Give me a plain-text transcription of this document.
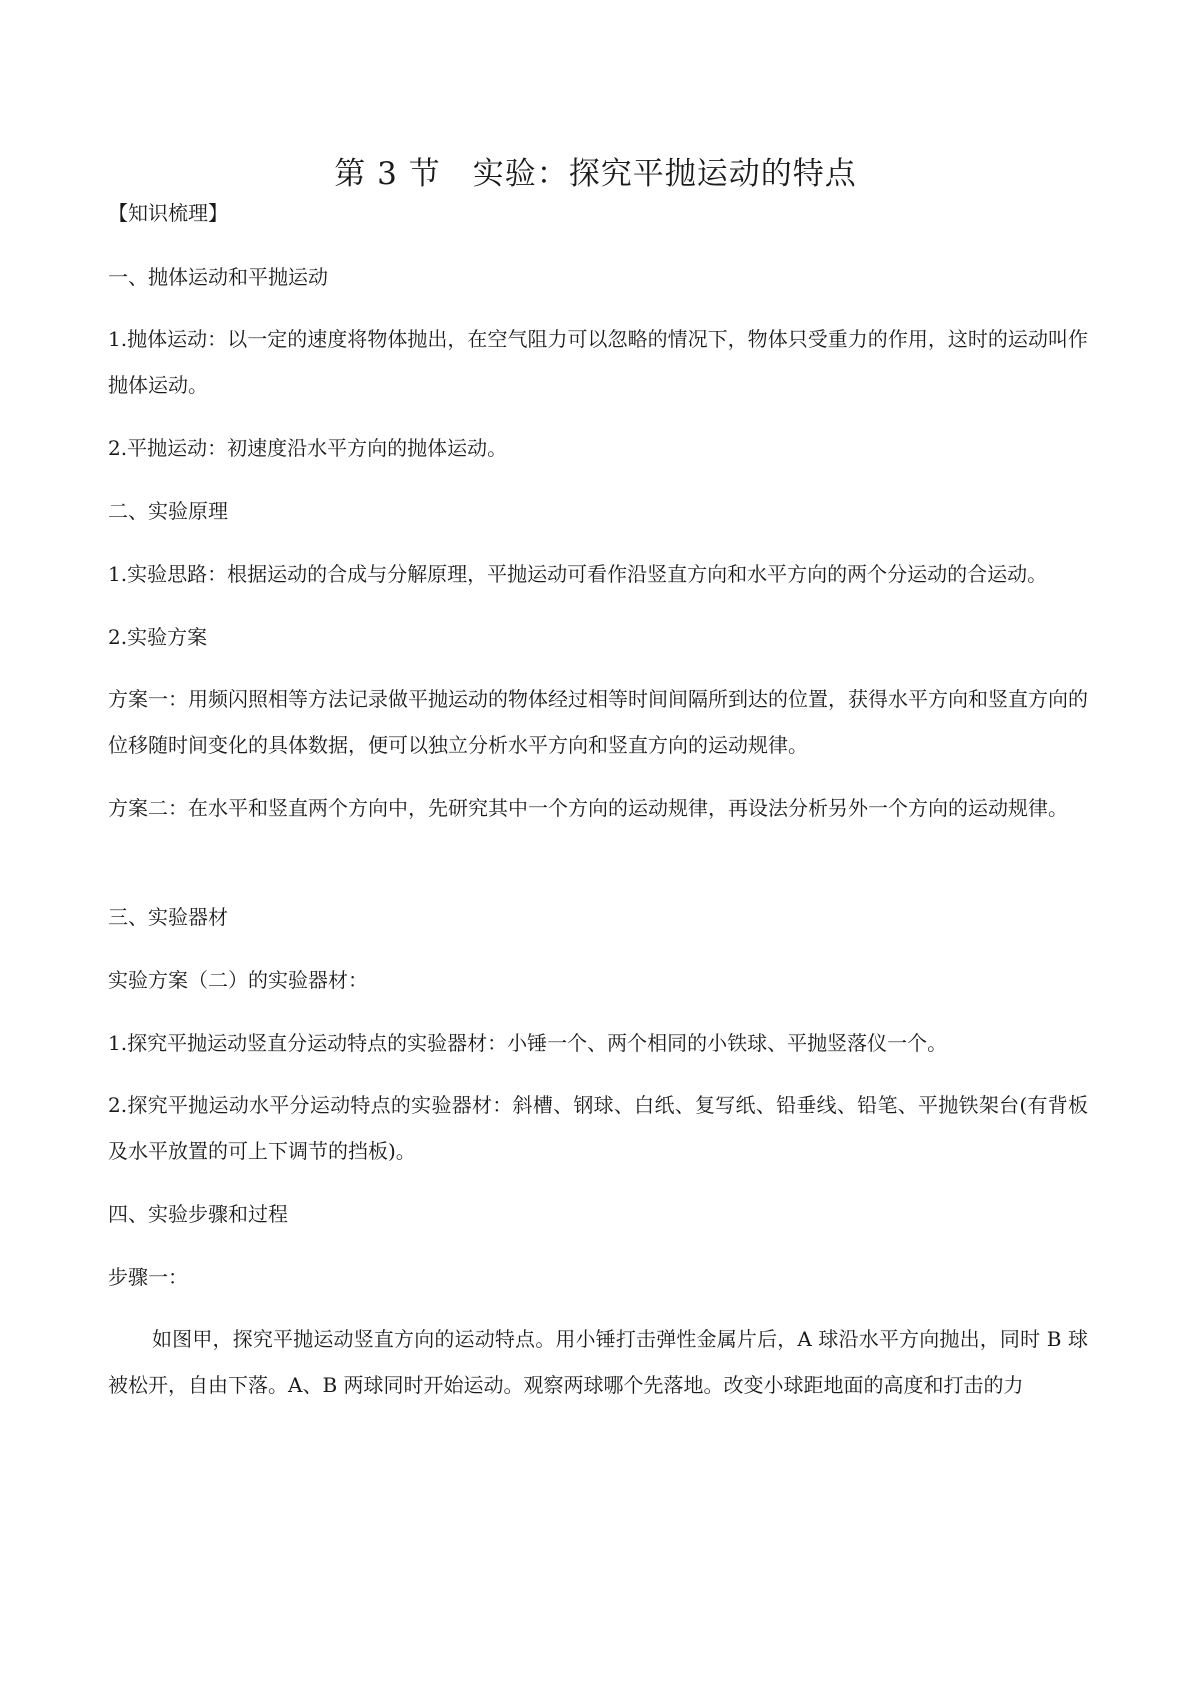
第 3 节　实验：探究平抛运动的特点
【知识梳理】
一、抛体运动和平抛运动
1.抛体运动：以一定的速度将物体抛出，在空气阻力可以忽略的情况下，物体只受重力的作用，这时的运动叫作抛体运动。
2.平抛运动：初速度沿水平方向的抛体运动。
二、实验原理
1.实验思路：根据运动的合成与分解原理，平抛运动可看作沿竖直方向和水平方向的两个分运动的合运动。
2.实验方案
方案一：用频闪照相等方法记录做平抛运动的物体经过相等时间间隔所到达的位置，获得水平方向和竖直方向的位移随时间变化的具体数据，便可以独立分析水平方向和竖直方向的运动规律。
方案二：在水平和竖直两个方向中，先研究其中一个方向的运动规律，再设法分析另外一个方向的运动规律。
三、实验器材
实验方案（二）的实验器材：
1.探究平抛运动竖直分运动特点的实验器材：小锤一个、两个相同的小铁球、平抛竖落仪一个。
2.探究平抛运动水平分运动特点的实验器材：斜槽、钢球、白纸、复写纸、铅垂线、铅笔、平抛铁架台(有背板及水平放置的可上下调节的挡板)。
四、实验步骤和过程
步骤一：
如图甲，探究平抛运动竖直方向的运动特点。用小锤打击弹性金属片后，A 球沿水平方向抛出，同时 B 球被松开，自由下落。A、B 两球同时开始运动。观察两球哪个先落地。改变小球距地面的高度和打击的力
